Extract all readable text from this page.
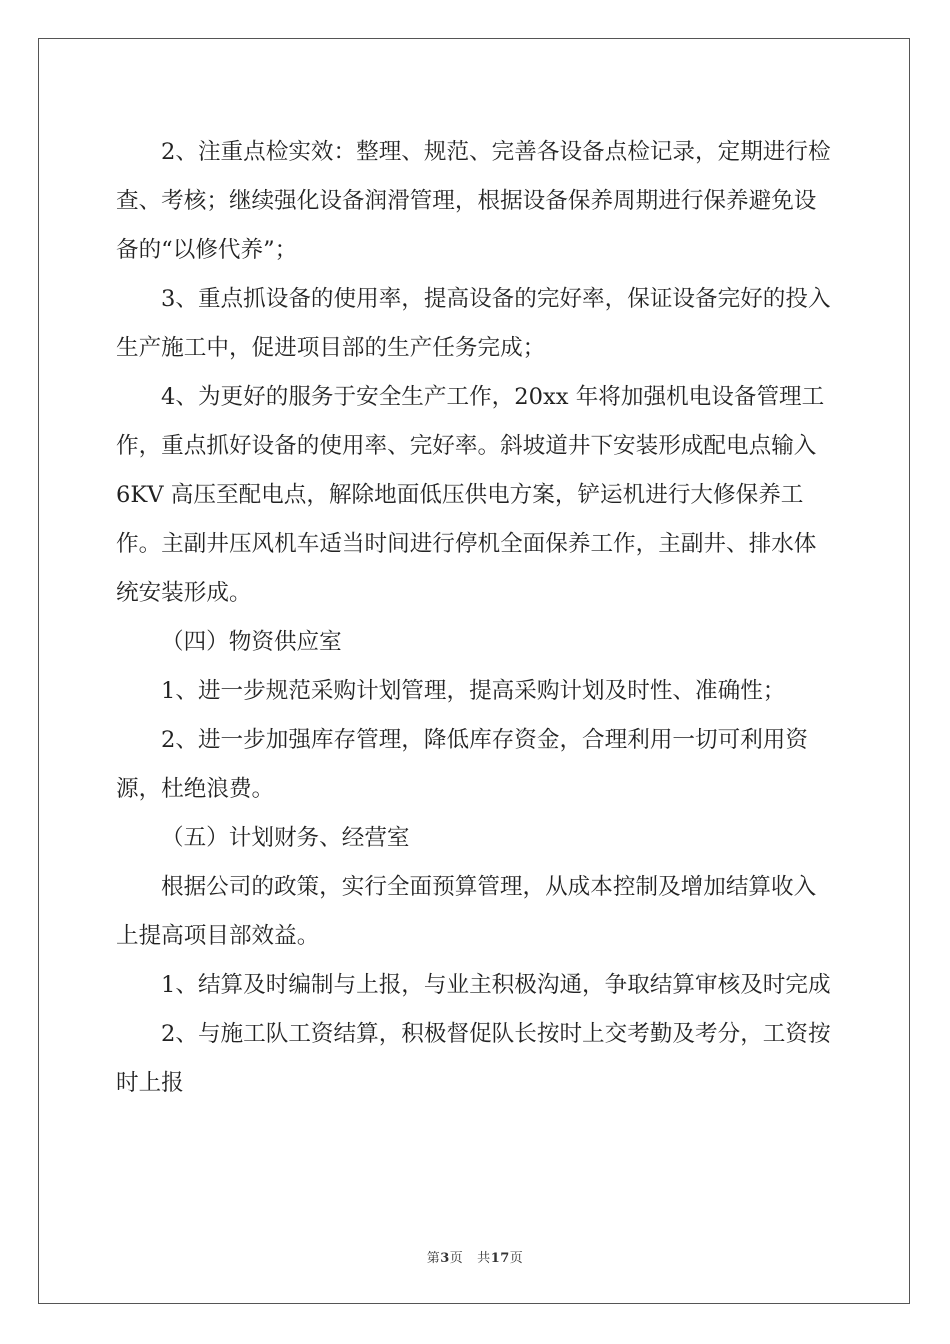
2、注重点检实效：整理、规范、完善各设备点检记录，定期进行检查、考核；继续强化设备润滑管理，根据设备保养周期进行保养避免设备的“以修代养”；

3、重点抓设备的使用率，提高设备的完好率，保证设备完好的投入生产施工中，促进项目部的生产任务完成；

4、为更好的服务于安全生产工作，20xx 年将加强机电设备管理工作，重点抓好设备的使用率、完好率。斜坡道井下安装形成配电点输入 6KV 高压至配电点，解除地面低压供电方案，铲运机进行大修保养工作。主副井压风机车适当时间进行停机全面保养工作，主副井、排水体统安装形成。

（四）物资供应室

1、进一步规范采购计划管理，提高采购计划及时性、准确性；

2、进一步加强库存管理，降低库存资金，合理利用一切可利用资源，杜绝浪费。

（五）计划财务、经营室

根据公司的政策，实行全面预算管理，从成本控制及增加结算收入上提高项目部效益。

1、结算及时编制与上报，与业主积极沟通，争取结算审核及时完成

2、与施工队工资结算，积极督促队长按时上交考勤及考分，工资按时上报

第3页 共17页
